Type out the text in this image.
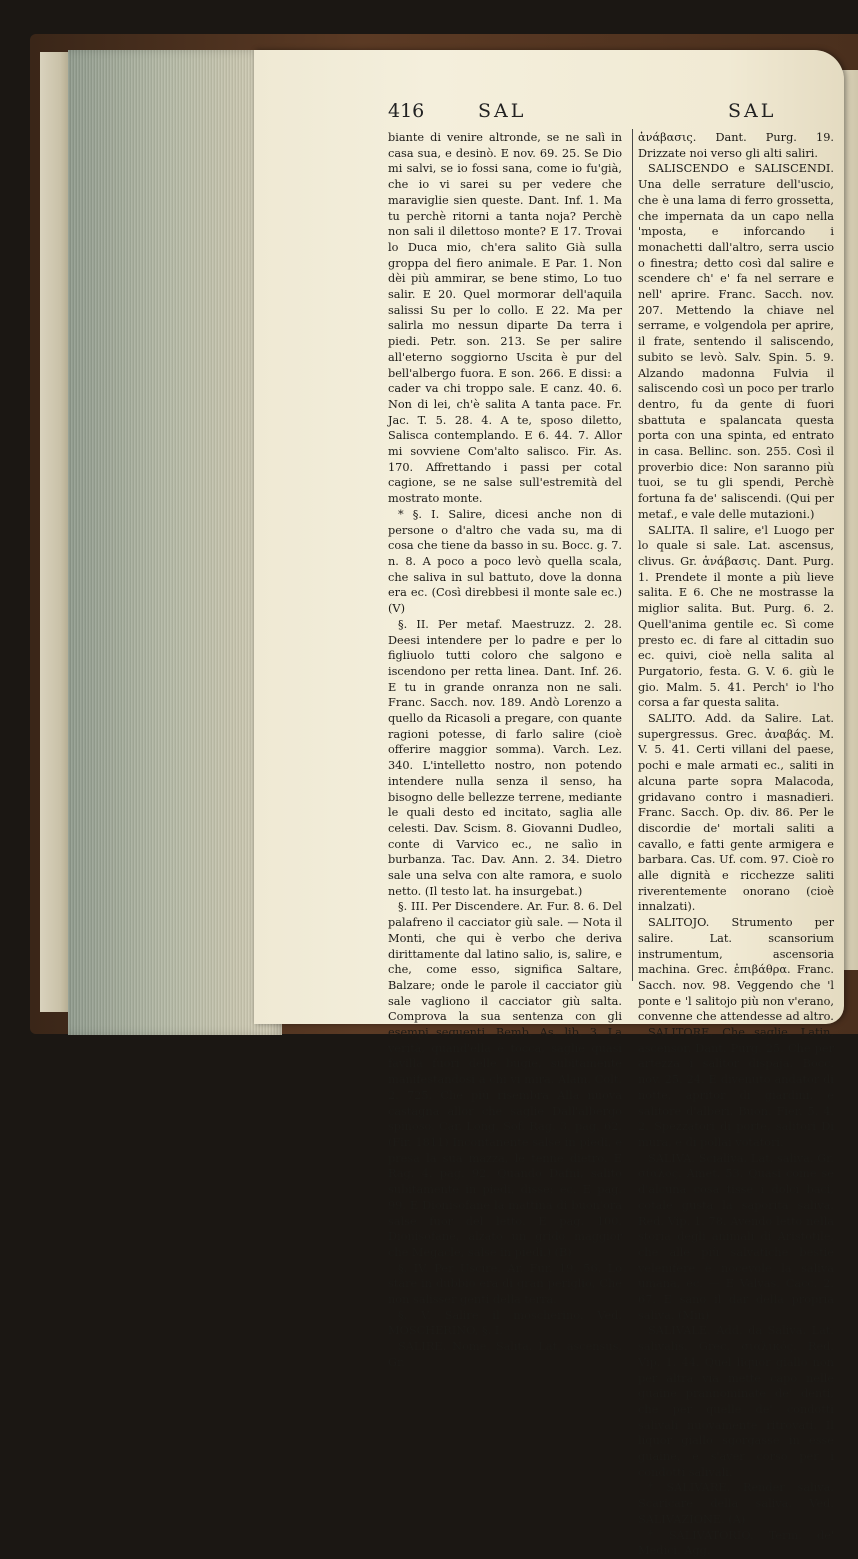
416	SAL	SAL

biante di venire altronde, se ne salì in casa sua, e desinò. E nov. 69. 25. Se Dio mi salvi, se io fossi sana, come io fu'già, che io vi sarei su per vedere che maraviglie sien queste. Dant. Inf. 1. Ma tu perchè ritorni a tanta noja? Perchè non sali il dilettoso monte? E 17. Trovai lo Duca mio, ch'era salito Già sulla groppa del fiero animale. E Par. 1. Non dèi più ammirar, se bene stimo, Lo tuo salir. E 20. Quel mormorar dell'aquila salissi Su per lo collo. E 22. Ma per salirla mo nessun diparte Da terra i piedi. Petr. son. 213. Se per salire all'eterno soggiorno Uscita è pur del bell'albergo fuora. E son. 266. E dissi: a cader va chi troppo sale. E canz. 40. 6. Non di lei, ch'è salita A tanta pace. Fr. Jac. T. 5. 28. 4. A te, sposo diletto, Salisca contemplando. E 6. 44. 7. Allor mi sovviene Com'alto salisco. Fir. As. 170. Affrettando i passi per cotal cagione, se ne salse sull'estremità del mostrato monte.

* §. I. Salire, dicesi anche non di persone o d'altro che vada su, ma di cosa che tiene da basso in su. Bocc. g. 7. n. 8. A poco a poco levò quella scala, che saliva in sul battuto, dove la donna era ec. (Così direbbesi il monte sale ec.) (V)

§. II. Per metaf. Maestruzz. 2. 28. Deesi intendere per lo padre e per lo figliuolo tutti coloro che salgono e iscendono per retta linea. Dant. Inf. 26. E tu in grande onranza non ne sali. Franc. Sacch. nov. 189. Andò Lorenzo a quello da Ricasoli a pregare, con quante ragioni potesse, di farlo salire (cioè offerire maggior somma). Varch. Lez. 340. L'intelletto nostro, non potendo intendere nulla senza il senso, ha bisogno delle bellezze terrene, mediante le quali desto ed incitato, saglia alle celesti. Dav. Scism. 8. Giovanni Dudleo, conte di Varvico ec., ne salìo in burbanza. Tac. Dav. Ann. 2. 34. Dietro sale una selva con alte ramora, e suolo netto. (Il testo lat. ha insurgebat.)

§. III. Per Discendere. Ar. Fur. 8. 6. Del palafreno il cacciator giù sale. — Nota il Monti, che qui è verbo che deriva dirittamente dal latino salio, is, salire, e che, come esso, significa Saltare, Balzare; onde le parole il cacciator giù sale vagliono il cacciator giù salta. Comprova la sua sentenza con gli esempi seguenti. Bemb. As. lib. 3. La verità, quand'ella è tocca, saglie quasi favilla fuori delle bugie, subitamente manifestandosi a chi vi mira. Alam. Colt. 2. 725. Che più risembra Alla nuova castagna allor che saglie Dall'albergo spinoso. Car. Long. Sof. Rag. 3. pag. 62. (Fir. 1811) Incontanente salse in piedi, e presa la sua mazza, le tenne dietro. E Rag. 4. pag. 92. Quando Dafni, salito subitamente in piedi, disse: ec. E pag. 99. E Dionisofane la mattina di buon'ora salse fuor del letto. E pag. 100. Dionisofane, alzato un grido maggior che Megacle, salse in piedi.) (B)

§. IV. Per Uscire. Ar. Fur. 19. 56. Lo stare in dubbio era di gran periglio, Che non salisser genti della terra.

§. V. Salire il moscherino. Ved. MOSCHERINO, §. I.

SALIRE. Nome. Salita. Lat. ascensus. Gr.

ἀνάβασις. Dant. Purg. 19. Drizzate noi verso gli alti saliri.

SALISCENDO e SALISCENDI. Una delle serrature dell'uscio, che è una lama di ferro grossetta, che impernata da un capo nella 'mposta, e inforcando i monachetti dall'altro, serra uscio o finestra; detto così dal salire e scendere ch' e' fa nel serrare e nell' aprire. Franc. Sacch. nov. 207. Mettendo la chiave nel serrame, e volgendola per aprire, il frate, sentendo il saliscendo, subito se levò. Salv. Spin. 5. 9. Alzando madonna Fulvia il saliscendo così un poco per trarlo dentro, fu da gente di fuori sbattuta e spalancata questa porta con una spinta, ed entrato in casa. Bellinc. son. 255. Così il proverbio dice: Non saranno più tuoi, se tu gli spendi, Perchè fortuna fa de' saliscendi. (Qui per metaf., e vale delle mutazioni.)

SALITA. Il salire, e'l Luogo per lo quale si sale. Lat. ascensus, clivus. Gr. ἀνάβασις. Dant. Purg. 1. Prendete il monte a più lieve salita. E 6. Che ne mostrasse la miglior salita. But. Purg. 6. 2. Quell'anima gentile ec. Sì come presto ec. di fare al cittadin suo ec. quivi, cioè nella salita al Purgatorio, festa. G. V. 6. giù le gio. Malm. 5. 41. Perch' io l'ho corsa a far questa salita.

SALITO. Add. da Salire. Lat. supergressus. Grec. ἀναβάς. M. V. 5. 41. Certi villani del paese, pochi e male armati ec., saliti in alcuna parte sopra Malacoda, gridavano contro i masnadieri. Franc. Sacch. Op. div. 86. Per le discordie de' mortali saliti a cavallo, e fatti gente armigera e barbara. Cas. Uf. com. 97. Cioè ro alle dignità e ricchezze saliti riverentemente onorano (cioè innalzati).

SALITOJO. Strumento per salire. Lat. scansorium instrumentum, ascensoria machina. Grec. ἐπιβάθρα. Franc. Sacch. nov. 98. Veggendo che 'l ponte e 'l salitojo più non v'erano, convenne che attendesse ad altro.

SALITORE. Che saglie. Latin. ascensor. Dant. Purg. 25. Che per artezza i salitor dispaja. Bocc. nov. 25. 24. E divenuto andator di notte, apritor di giardini, e salitore d'alberi. Buon. Fier. 5. 4. 2. Spezzatori di porte, salitori Di mura, e di pollai votatori.

SALIVA. Scialiva. Lat. saliva. Gr. σίαλος. Amet. 53. Quasi come se d'alcuna cosa tisse i dolci baci, cotale gusta la saporita saliva. Red. Vip. 1. 78. Avendo letto nella storia degli animali di Aristotile, che alle più salvatiche bestie velenifere è nocevole la saliva umana, ec. — E Valvas. Cacc. 2. 67. E sano il dar della propria saliva. (Min)

SALIVALE. Add. da Saliva. Lat. salivalis. Grec. σιαλικός. Red. Vip. 1. 44. Quel liquor giallo non per altra via mette capo nelle guaine prannominate de' denti, che per quelle de' condotti salivali nuovamente ritrovati. Il liquor giallo sgorgasse in esse guaine, e s'aver corso per i condotti salivali.

* SALIVARE. Render saliva. Scaricare della saliva. Ved. SALIVAZIONE. (A)

* SALIVATORIO. Term. de' Medici. Agg.
